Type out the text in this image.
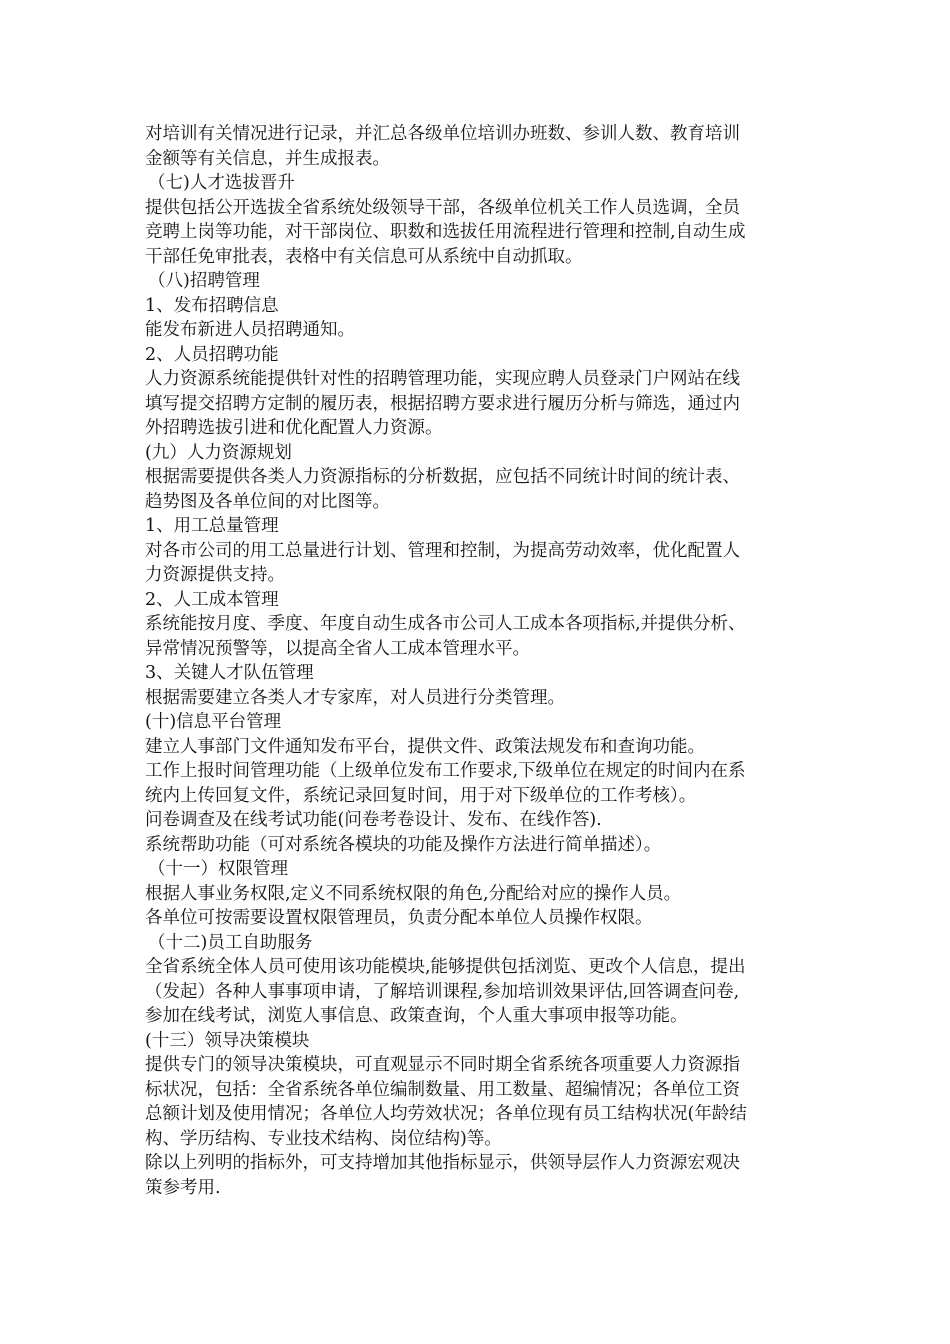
对培训有关情况进行记录，并汇总各级单位培训办班数、参训人数、教育培训
金额等有关信息，并生成报表。
（七)人才选拔晋升
提供包括公开选拔全省系统处级领导干部，各级单位机关工作人员选调，全员
竞聘上岗等功能，对干部岗位、职数和选拔任用流程进行管理和控制,自动生成
干部任免审批表，表格中有关信息可从系统中自动抓取。
（八)招聘管理
1、发布招聘信息
能发布新进人员招聘通知。
2、人员招聘功能
人力资源系统能提供针对性的招聘管理功能，实现应聘人员登录门户网站在线
填写提交招聘方定制的履历表，根据招聘方要求进行履历分析与筛选，通过内
外招聘选拔引进和优化配置人力资源。
(九）人力资源规划
根据需要提供各类人力资源指标的分析数据，应包括不同统计时间的统计表、
趋势图及各单位间的对比图等。
1、用工总量管理
对各市公司的用工总量进行计划、管理和控制，为提高劳动效率，优化配置人
力资源提供支持。
2、人工成本管理
系统能按月度、季度、年度自动生成各市公司人工成本各项指标,并提供分析、
异常情况预警等，以提高全省人工成本管理水平。
3、关键人才队伍管理
根据需要建立各类人才专家库，对人员进行分类管理。
(十)信息平台管理
建立人事部门文件通知发布平台，提供文件、政策法规发布和查询功能。
工作上报时间管理功能（上级单位发布工作要求,下级单位在规定的时间内在系
统内上传回复文件，系统记录回复时间，用于对下级单位的工作考核）。
问卷调查及在线考试功能(问卷考卷设计、发布、在线作答).
系统帮助功能（可对系统各模块的功能及操作方法进行简单描述）。
（十一）权限管理
根据人事业务权限,定义不同系统权限的角色,分配给对应的操作人员。
各单位可按需要设置权限管理员，负责分配本单位人员操作权限。
（十二)员工自助服务
全省系统全体人员可使用该功能模块,能够提供包括浏览、更改个人信息，提出
（发起）各种人事事项申请，了解培训课程,参加培训效果评估,回答调查问卷,
参加在线考试，浏览人事信息、政策查询，个人重大事项申报等功能。
(十三）领导决策模块
提供专门的领导决策模块，可直观显示不同时期全省系统各项重要人力资源指
标状况，包括：全省系统各单位编制数量、用工数量、超编情况；各单位工资
总额计划及使用情况；各单位人均劳效状况；各单位现有员工结构状况(年龄结
构、学历结构、专业技术结构、岗位结构)等。
除以上列明的指标外，可支持增加其他指标显示，供领导层作人力资源宏观决
策参考用.
